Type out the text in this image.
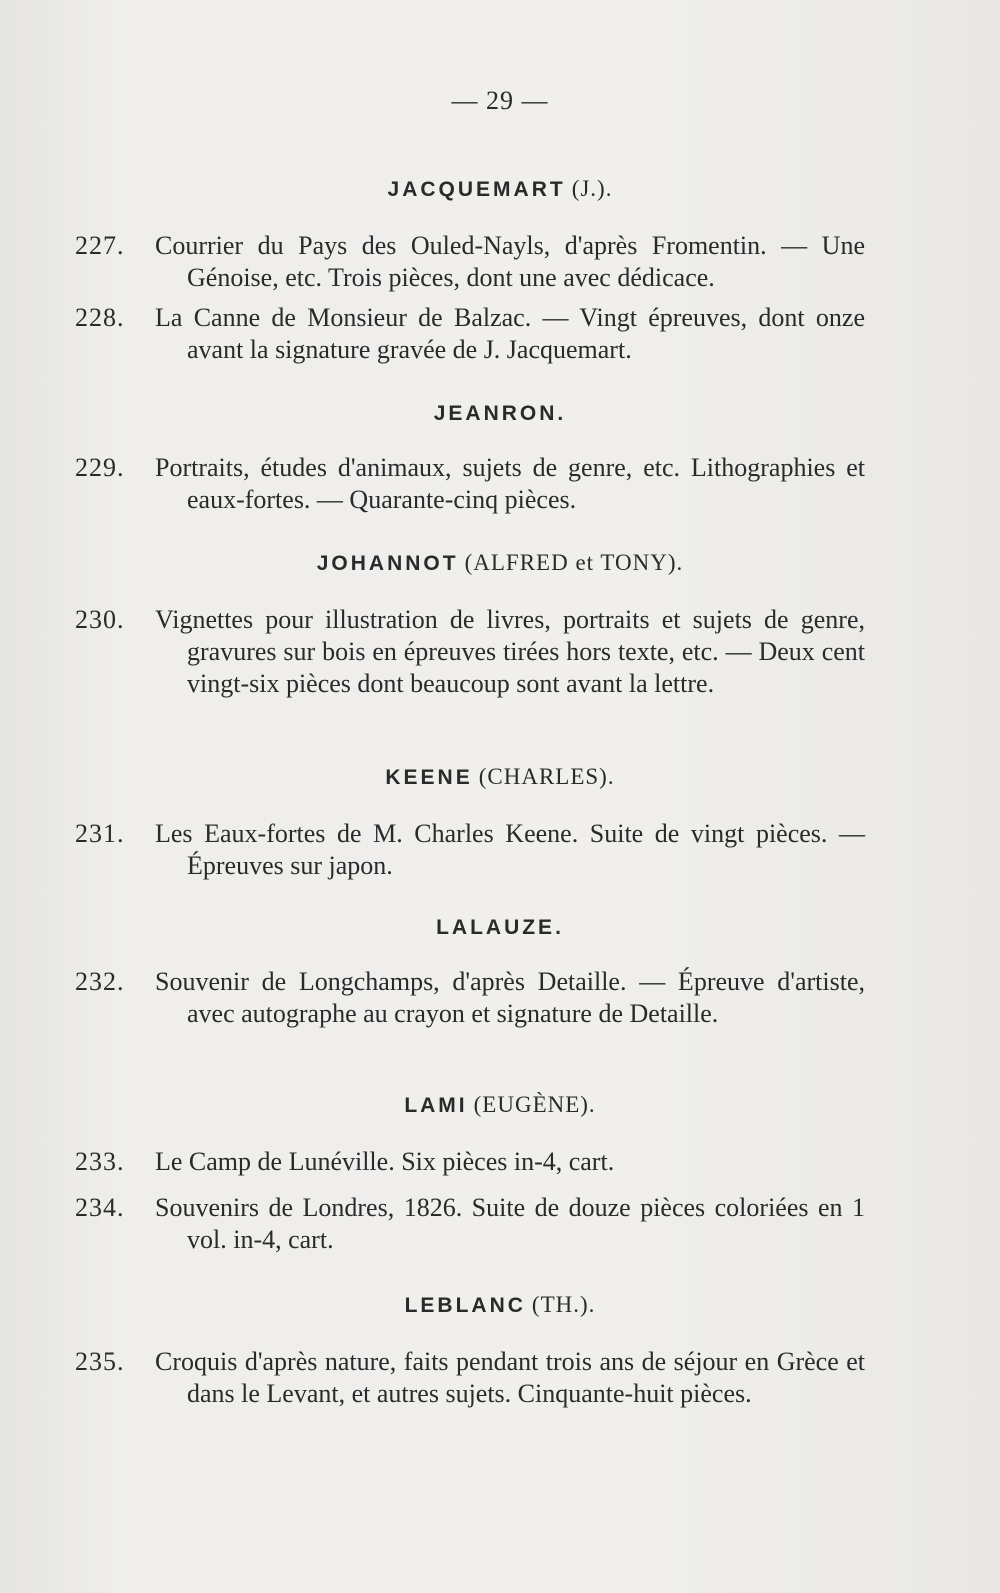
— 29 —
JACQUEMART (J.).
227.	Courrier du Pays des Ouled-Nayls, d'après Fromentin. — Une Génoise, etc. Trois pièces, dont une avec dédicace.
228.	La Canne de Monsieur de Balzac. — Vingt épreuves, dont onze avant la signature gravée de J. Jacquemart.
JEANRON.
229.	Portraits, études d'animaux, sujets de genre, etc. Lithographies et eaux-fortes. — Quarante-cinq pièces.
JOHANNOT (ALFRED et TONY).
230.	Vignettes pour illustration de livres, portraits et sujets de genre, gravures sur bois en épreuves tirées hors texte, etc. — Deux cent vingt-six pièces dont beaucoup sont avant la lettre.
KEENE (CHARLES).
231.	Les Eaux-fortes de M. Charles Keene. Suite de vingt pièces. — Épreuves sur japon.
LALAUZE.
232.	Souvenir de Longchamps, d'après Detaille. — Épreuve d'artiste, avec autographe au crayon et signature de Detaille.
LAMI (EUGÈNE).
233.	Le Camp de Lunéville. Six pièces in-4, cart.
234.	Souvenirs de Londres, 1826. Suite de douze pièces coloriées en 1 vol. in-4, cart.
LEBLANC (TH.).
235.	Croquis d'après nature, faits pendant trois ans de séjour en Grèce et dans le Levant, et autres sujets. Cinquante-huit pièces.
